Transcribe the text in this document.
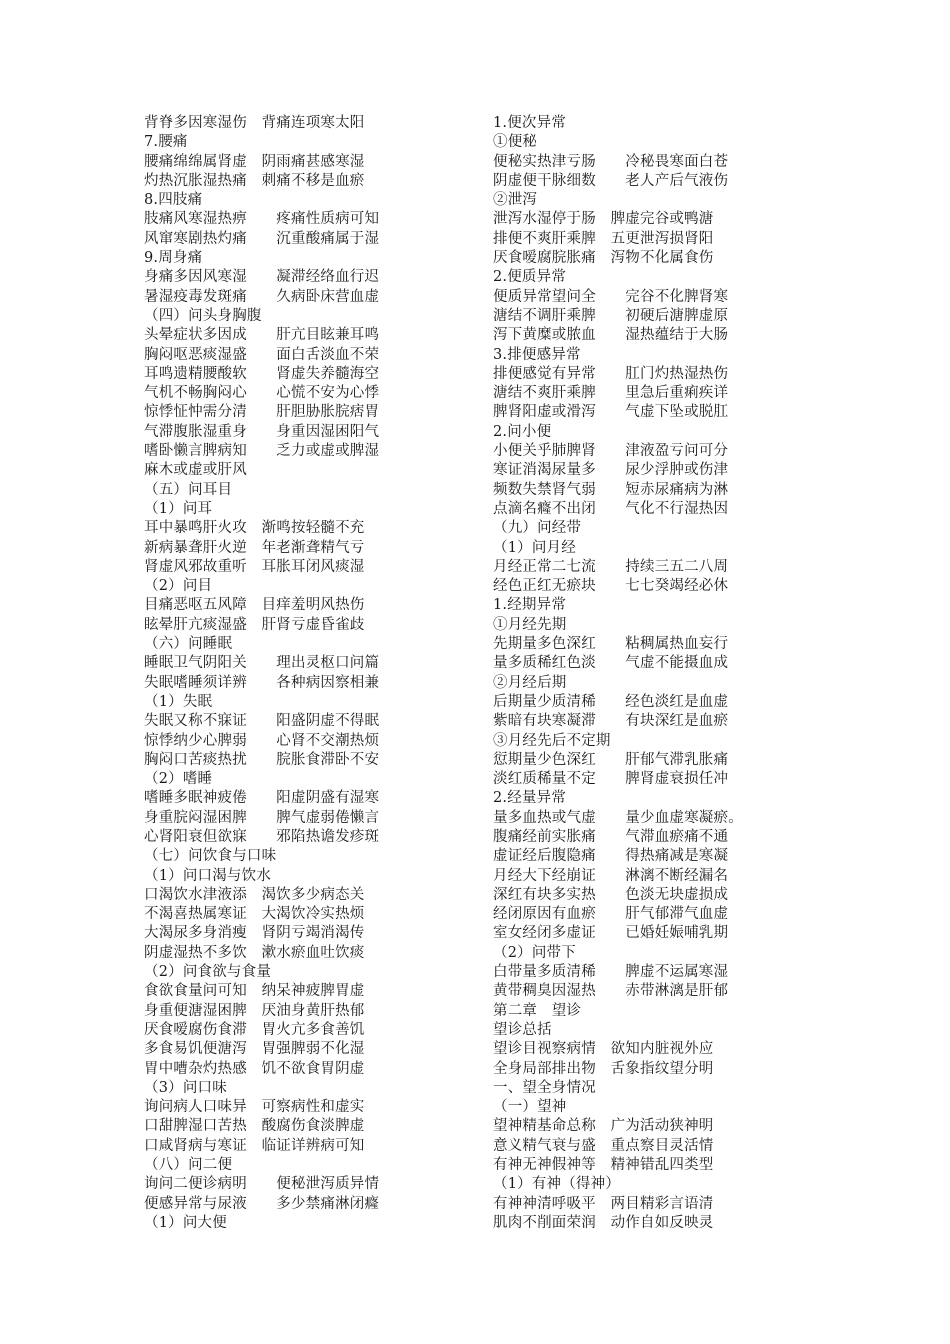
背脊多因寒湿伤　背痛连项寒太阳
7.腰痛
腰痛绵绵属肾虚　阴雨痛甚感寒湿
灼热沉胀湿热痛　刺痛不移是血瘀
8.四肢痛
肢痛风寒湿热痹　　疼痛性质病可知
风窜寒剧热灼痛　　沉重酸痛属于湿
9.周身痛
身痛多因风寒湿　　凝滞经络血行迟
暑湿疫毒发斑痛　　久病卧床营血虚
（四）问头身胸腹
头晕症状多因成　　肝亢目眩兼耳鸣
胸闷呕恶痰湿盛　　面白舌淡血不荣
耳鸣遗精腰酸软　　肾虚失养髓海空
气机不畅胸闷心　　心慌不安为心悸
惊悸怔忡需分清　　肝胆胁胀脘痞胃
气滞腹胀湿重身　　身重因湿困阳气
嗜卧懒言脾病知　　乏力或虚或脾湿
麻木或虚或肝风
（五）问耳目
（1）问耳
耳中暴鸣肝火攻　渐鸣按轻髓不充
新病暴聋肝火逆　年老渐聋精气亏
肾虚风邪故重听　耳胀耳闭风痰湿
（2）问目
目痛恶呕五风障　目痒羞明风热伤
眩晕肝亢痰湿盛　肝肾亏虚昏雀歧
（六）问睡眠
睡眠卫气阴阳关　　理出灵枢口问篇
失眠嗜睡须详辨　　各种病因察相兼
（1）失眠
失眠又称不寐证　　阳盛阴虚不得眠
惊悸纳少心脾弱　　心肾不交潮热烦
胸闷口苦痰热扰　　脘胀食滞卧不安
（2）嗜睡
嗜睡多眠神疲倦　　阳虚阴盛有湿寒
身重脘闷湿困脾　　脾气虚弱倦懒言
心肾阳衰但欲寐　　邪陷热谵发疹斑
（七）问饮食与口味
（1）问口渴与饮水
口渴饮水津液添　渴饮多少病态关
不渴喜热属寒证　大渴饮冷实热烦
大渴尿多身消瘦　肾阴亏竭消渴传
阴虚湿热不多饮　漱水瘀血吐饮痰
（2）问食欲与食量
食欲食量问可知　纳呆神疲脾胃虚
身重便溏湿困脾　厌油身黄肝热郁
厌食嗳腐伤食滞　胃火亢多食善饥
多食易饥便溏泻　胃强脾弱不化湿
胃中嘈杂灼热感　饥不欲食胃阴虚
（3）问口味
询问病人口味异　可察病性和虚实
口甜脾湿口苦热　酸腐伤食淡脾虚
口咸肾病与寒证　临证详辨病可知
（八）问二便
询问二便诊病明　　便秘泄泻质异情
便感异常与尿液　　多少禁痛淋闭癃
（1）问大便
1.便次异常
①便秘
便秘实热津亏肠　　冷秘畏寒面白苍
阴虚便干脉细数　　老人产后气液伤
②泄泻
泄泻水湿停于肠　脾虚完谷或鸭溏
排便不爽肝乘脾　五更泄泻损肾阳
厌食嗳腐脘胀痛　泻物不化属食伤
2.便质异常
便质异常望问全　　完谷不化脾肾寒
溏结不调肝乘脾　　初硬后溏脾虚原
泻下黄糜或脓血　　湿热蕴结于大肠
3.排便感异常
排便感觉有异常　　肛门灼热湿热伤
溏结不爽肝乘脾　　里急后重痢疾详
脾肾阳虚或滑泻　　气虚下坠或脱肛
2.问小便
小便关乎肺脾肾　　津液盈亏问可分
寒证消渴尿量多　　尿少浮肿或伤津
频数失禁肾气弱　　短赤尿痛病为淋
点滴名癃不出闭　　气化不行湿热因
（九）问经带
（1）问月经
月经正常二七流　　持续三五二八周
经色正红无瘀块　　七七癸竭经必休
1.经期异常
①月经先期
先期量多色深红　　粘稠属热血妄行
量多质稀红色淡　　气虚不能摄血成
②月经后期
后期量少质清稀　　经色淡红是血虚
紫暗有块寒凝滞　　有块深红是血瘀
③月经先后不定期
愆期量少色深红　　肝郁气滞乳胀痛
淡红质稀量不定　　脾肾虚衰损任冲
2.经量异常
量多血热或气虚　　量少血虚寒凝瘀。
腹痛经前实胀痛　　气滞血瘀痛不通
虚证经后腹隐痛　　得热痛减是寒凝
月经大下经崩证　　淋漓不断经漏名
深红有块多实热　　色淡无块虚损成
经闭原因有血瘀　　肝气郁滞气血虚
室女经闭多虚证　　已婚妊娠哺乳期
（2）问带下
白带量多质清稀　　脾虚不运属寒湿
黄带稠臭因湿热　　赤带淋漓是肝郁
第二章　望诊
望诊总括
望诊目视察病情　欲知内脏视外应
全身局部排出物　舌象指纹望分明
一、望全身情况
（一）望神
望神精基命总称　广为活动狭神明
意义精气衰与盛　重点察目灵活情
有神无神假神等　精神错乱四类型
（1）有神（得神）
有神神清呼吸平　两目精彩言语清
肌肉不削面荣润　动作自如反映灵
